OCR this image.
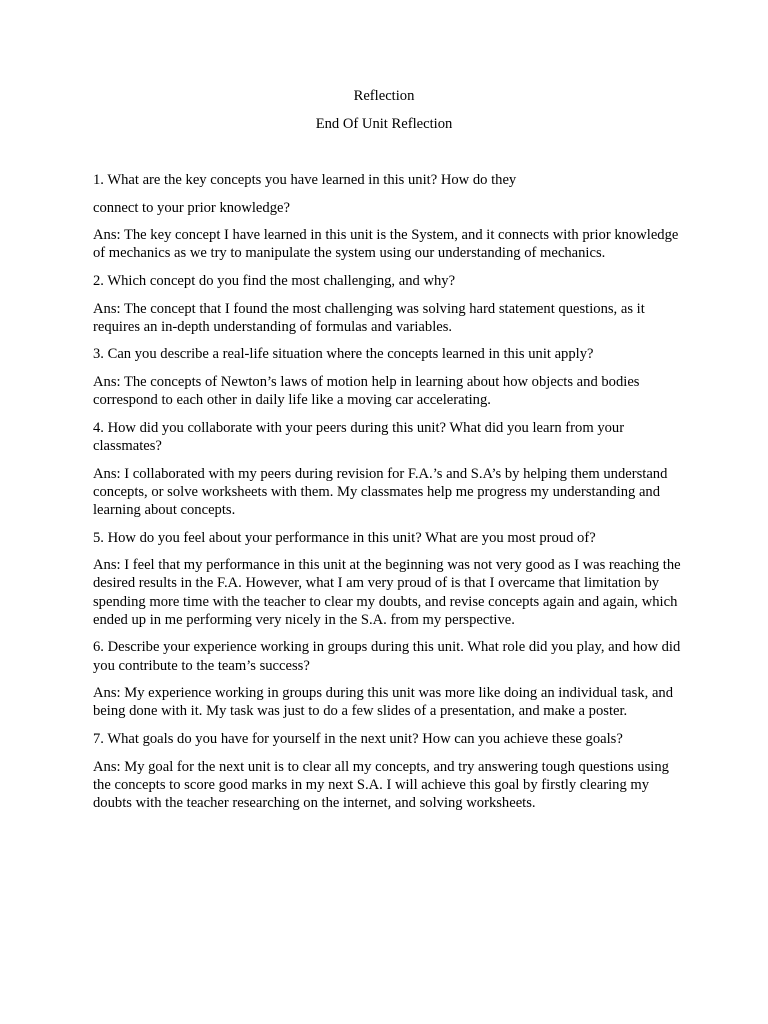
Reflection
End Of Unit Reflection

1. What are the key concepts you have learned in this unit? How do they

connect to your prior knowledge?

Ans: The key concept I have learned in this unit is the System, and it connects with prior knowledge of mechanics as we try to manipulate the system using our understanding of mechanics.

2. Which concept do you find the most challenging, and why?

Ans: The concept that I found the most challenging was solving hard statement questions, as it requires an in-depth understanding of formulas and variables.

3. Can you describe a real-life situation where the concepts learned in this unit apply?

Ans: The concepts of Newton’s laws of motion help in learning about how objects and bodies correspond to each other in daily life like a moving car accelerating.

4. How did you collaborate with your peers during this unit? What did you learn from your classmates?

Ans: I collaborated with my peers during revision for F.A.’s and S.A’s by helping them understand concepts, or solve worksheets with them. My classmates help me progress my understanding and learning about concepts.

5. How do you feel about your performance in this unit? What are you most proud of?

Ans: I feel that my performance in this unit at the beginning was not very good as I was reaching the desired results in the F.A. However, what I am very proud of is that I overcame that limitation by spending more time with the teacher to clear my doubts, and revise concepts again and again, which ended up in me performing very nicely in the S.A. from my perspective.

6. Describe your experience working in groups during this unit. What role did you play, and how did you contribute to the team’s success?

Ans: My experience working in groups during this unit was more like doing an individual task, and being done with it. My task was just to do a few slides of a presentation, and make a poster.

7. What goals do you have for yourself in the next unit? How can you achieve these goals?

Ans: My goal for the next unit is to clear all my concepts, and try answering tough questions using the concepts to score good marks in my next S.A. I will achieve this goal by firstly clearing my doubts with the teacher researching on the internet, and solving worksheets.
